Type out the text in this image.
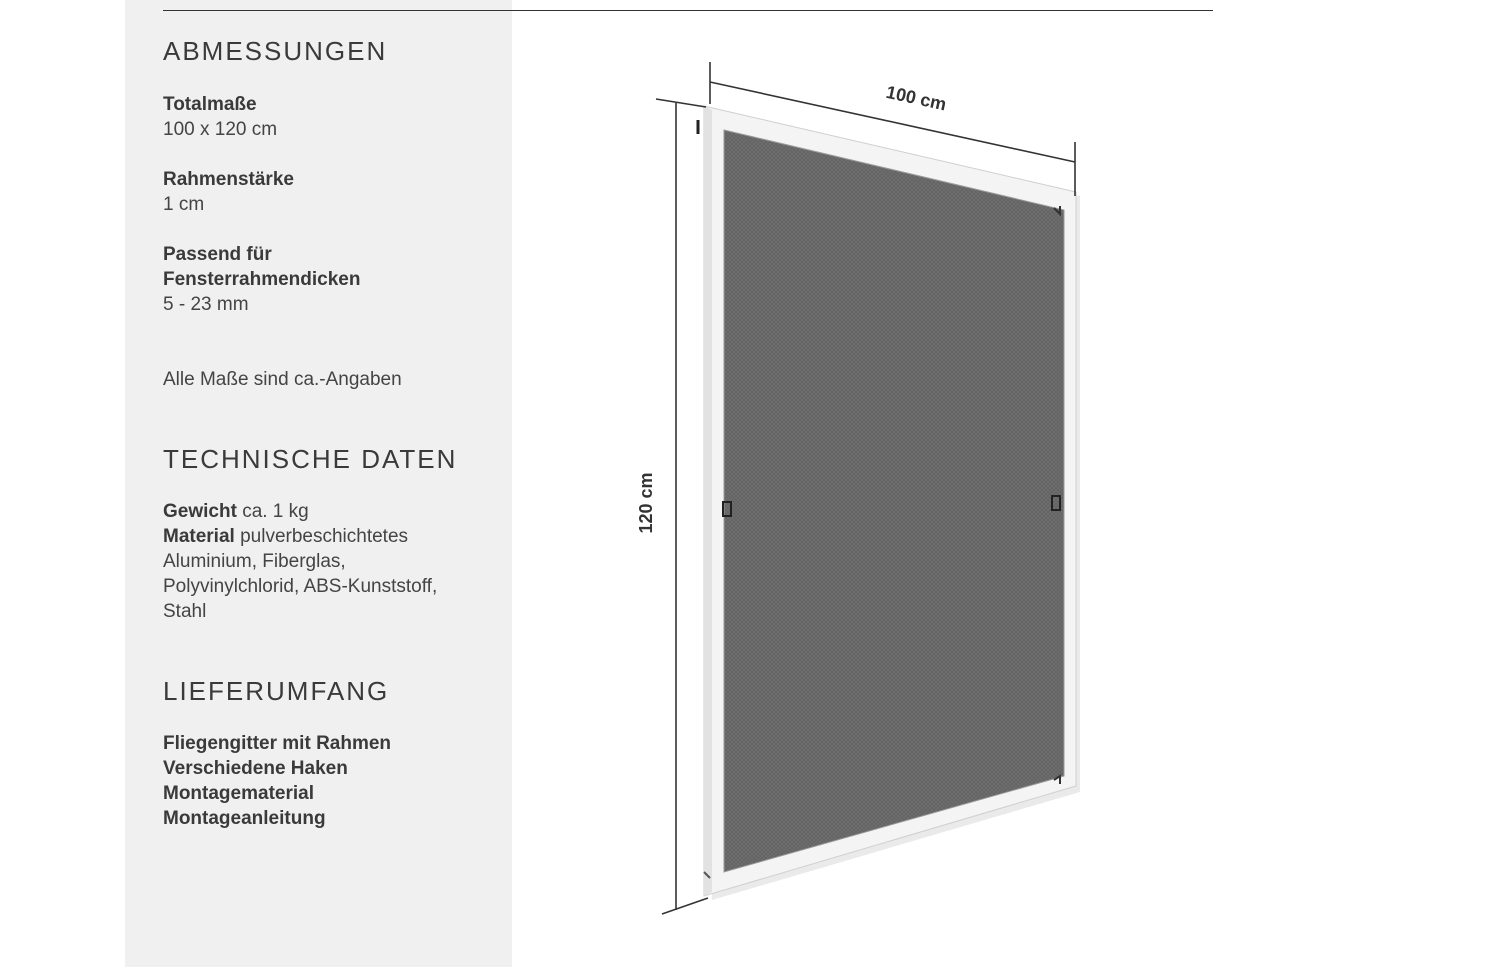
ABMESSUNGEN
Totalmaße
100 x 120 cm
Rahmenstärke
1 cm
Passend für
Fensterrahmendicken
5 - 23 mm
Alle Maße sind ca.-Angaben
TECHNISCHE DATEN
Gewicht ca. 1 kg
Material pulverbeschichtetes
Aluminium, Fiberglas,
Polyvinylchlorid, ABS-Kunststoff,
Stahl
LIEFERUMFANG
Fliegengitter mit Rahmen
Verschiedene Haken
Montagematerial
Montageanleitung
100 cm
120 cm
